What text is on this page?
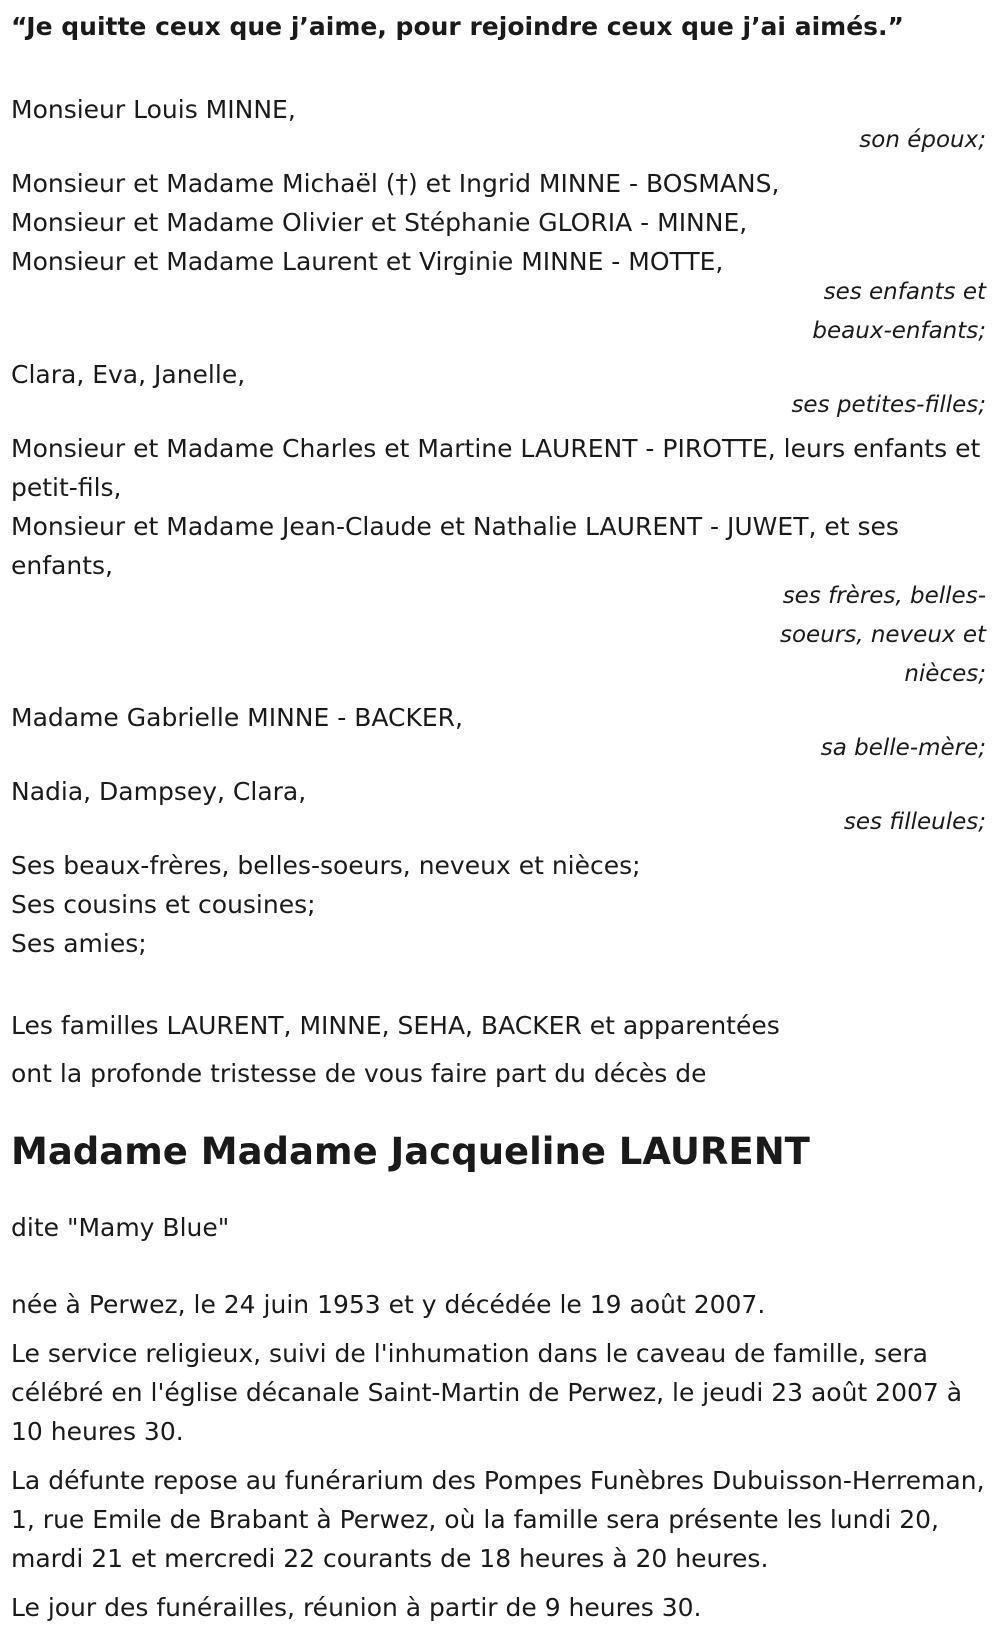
“Je quitte ceux que j’aime, pour rejoindre ceux que j’ai aimés.”
Monsieur Louis MINNE,
son époux;
Monsieur et Madame Michaël (†) et Ingrid MINNE - BOSMANS,
Monsieur et Madame Olivier et Stéphanie GLORIA - MINNE,
Monsieur et Madame Laurent et Virginie MINNE - MOTTE,
ses enfants et beaux-enfants;
Clara, Eva, Janelle,
ses petites-filles;
Monsieur et Madame Charles et Martine LAURENT - PIROTTE, leurs enfants et petit-fils,
Monsieur et Madame Jean-Claude et Nathalie LAURENT - JUWET, et ses enfants,
ses frères, belles-soeurs, neveux et nièces;
Madame Gabrielle MINNE - BACKER,
sa belle-mère;
Nadia, Dampsey, Clara,
ses filleules;
Ses beaux-frères, belles-soeurs, neveux et nièces;
Ses cousins et cousines;
Ses amies;
Les familles LAURENT, MINNE, SEHA, BACKER et apparentées
ont la profonde tristesse de vous faire part du décès de
Madame Madame Jacqueline LAURENT
dite "Mamy Blue"
née à Perwez, le 24 juin 1953 et y décédée le 19 août 2007.
Le service religieux, suivi de l'inhumation dans le caveau de famille, sera célébré en l'église décanale Saint-Martin de Perwez, le jeudi 23 août 2007 à 10 heures 30.
La défunte repose au funérarium des Pompes Funèbres Dubuisson-Herreman, 1, rue Emile de Brabant à Perwez, où la famille sera présente les lundi 20, mardi 21 et mercredi 22 courants de 18 heures à 20 heures.
Le jour des funérailles, réunion à partir de 9 heures 30.
